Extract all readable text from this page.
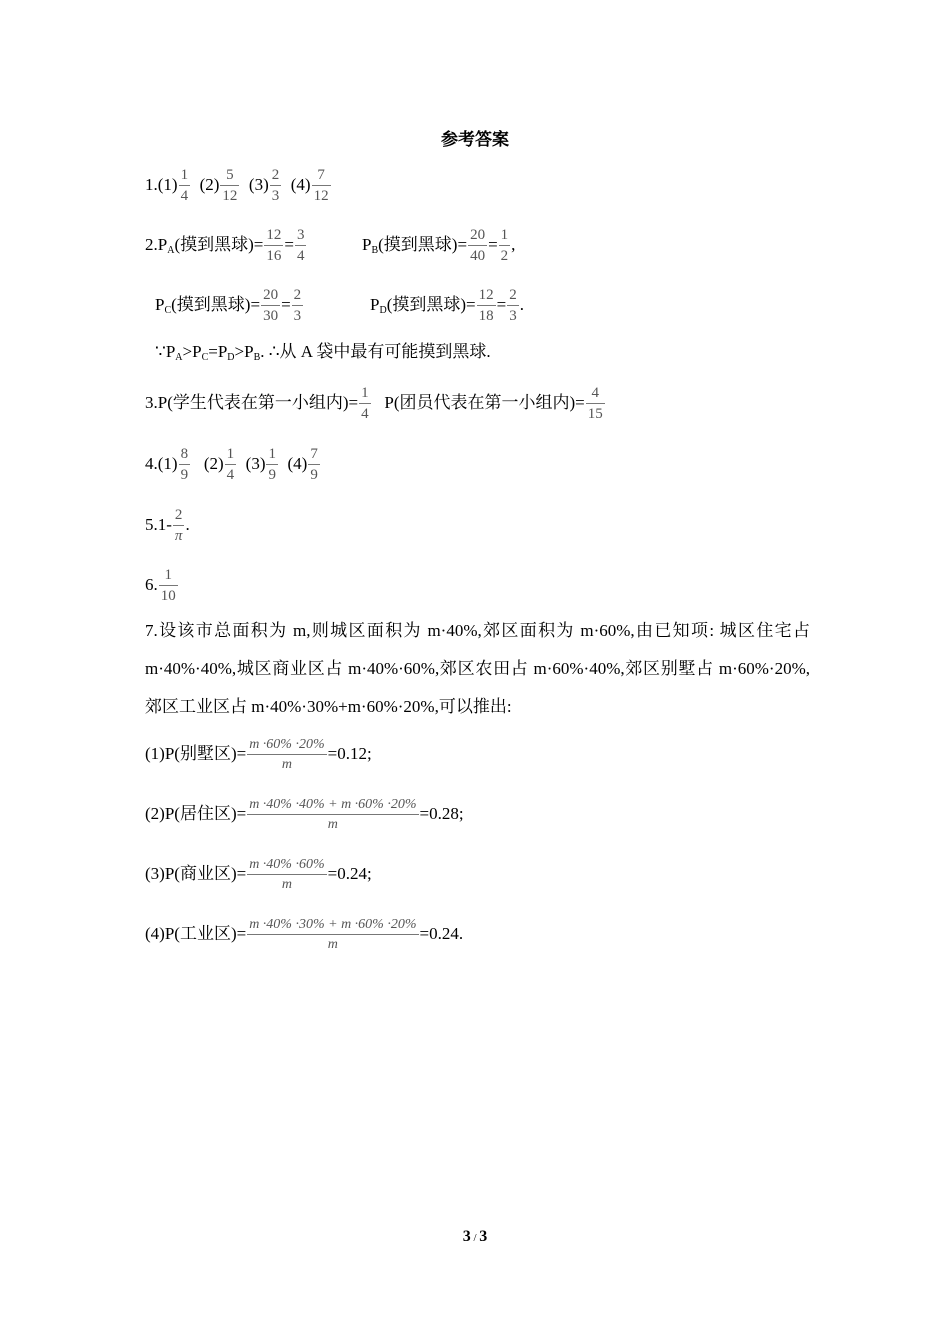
参考答案
$1.(1) \frac{1}{4} (2) \frac{5}{12} (3) \frac{2}{3} (4) \frac{7}{12}$
$2.P_A$(摸到黑球)= $\frac{12}{16} = \frac{3}{4}$	$P_B$(摸到黑球)= $\frac{20}{40} = \frac{1}{2}$ ,
$P_C$(摸到黑球)= $\frac{20}{30} = \frac{2}{3}$	$P_D$(摸到黑球)= $\frac{12}{18} = \frac{2}{3}$ .
$\because P_A>P_C=P_D>P_B$. ∴从 A 袋中最有可能摸到黑球.
3.P(学生代表在第一小组内)= $\frac{1}{4} P$(团员代表在第一小组内)= $\frac{4}{15}$
$4.(1) \frac{8}{9} (2) \frac{1}{4} (3) \frac{1}{9} (4) \frac{7}{9}$
$5.1- \frac{2}{\pi}$ .
6. $\frac{1}{10}$
7.设该市总面积为 m,则城区面积为 m·40%,郊区面积为 m·60%,由已知项: 城区住宅占 m·40%·40%,城区商业区占 m·40%·60%,郊区农田占 m·60%·40%,郊区别墅占 m·60%·20%,郊区工业区占 m·40%·30%+m·60%·20%,可以推出:
(1)P(别墅区)= $\frac{m \cdot 60\% \cdot 20\%}{m} =0.12$;
(2)P(居住区)= $\frac{m \cdot 40\% \cdot 40\% + m \cdot 60\% \cdot 20\%}{m} =0.28$;
(3)P(商业区)= $\frac{m \cdot 40\% \cdot 60\%}{m} =0.24$;
(4)P(工业区)= $\frac{m \cdot 40\% \cdot 30\% + m \cdot 60\% \cdot 20\%}{m} =0.24$.
3 / 3
